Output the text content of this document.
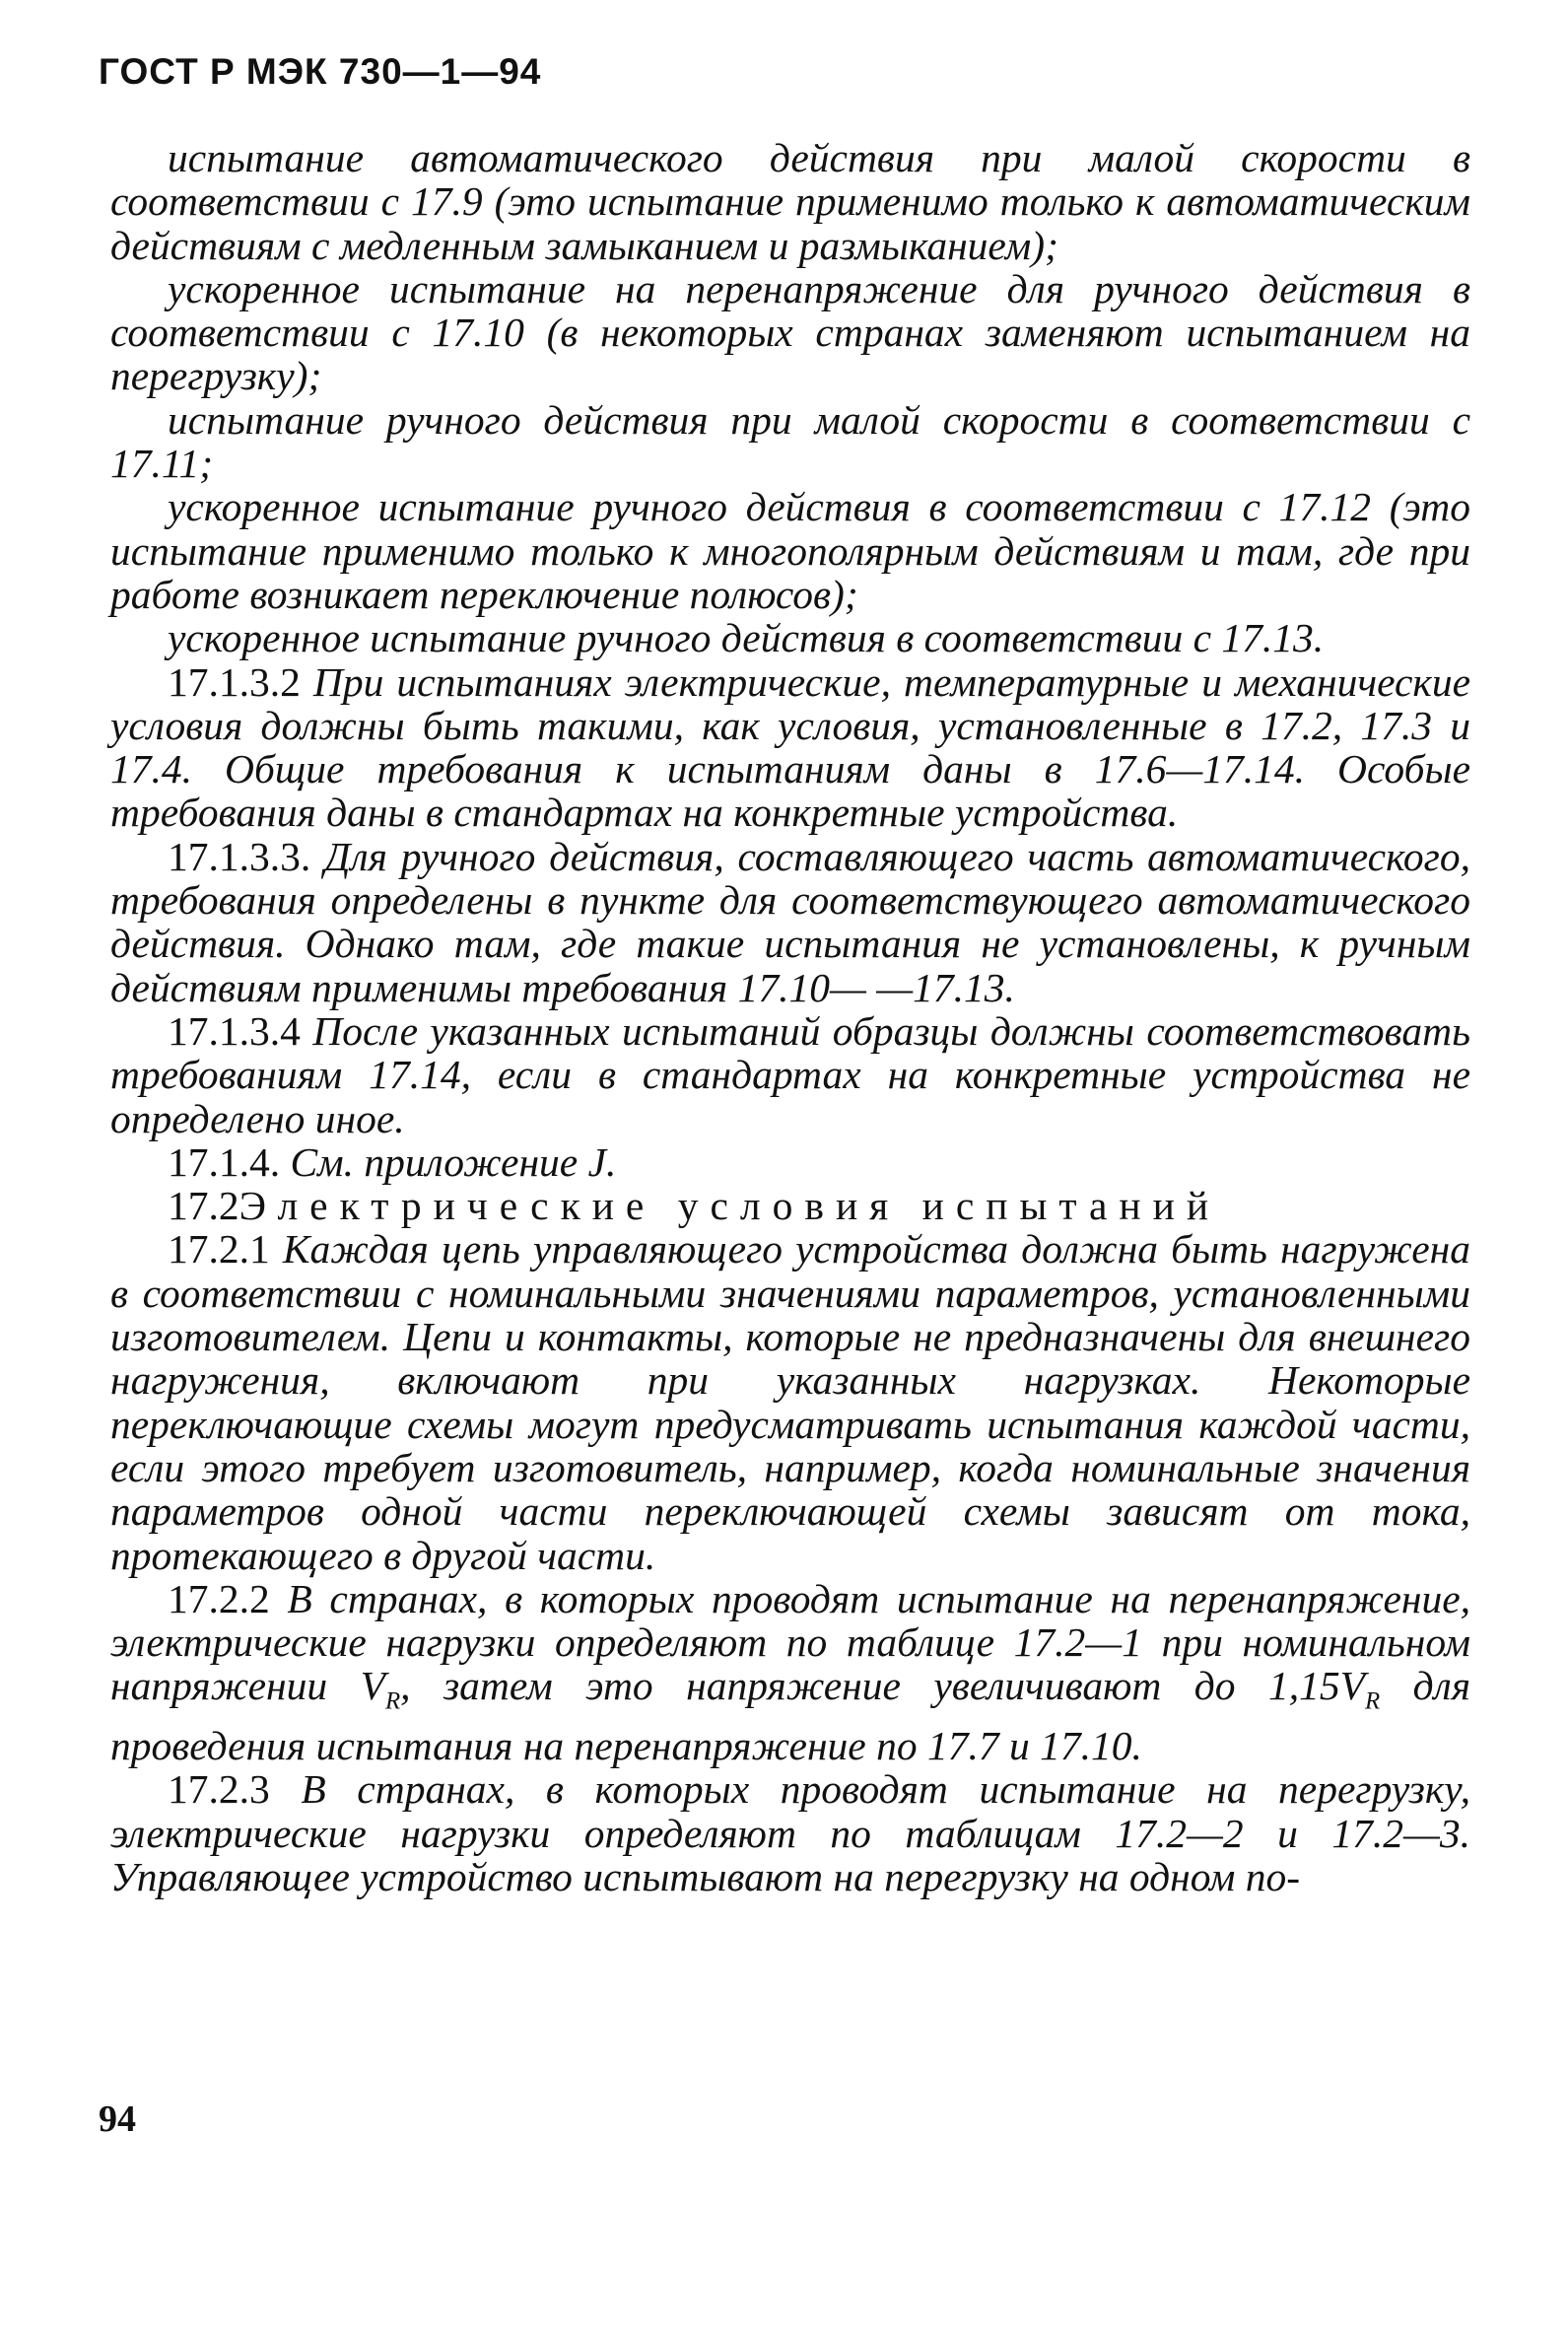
ГОСТ Р МЭК 730—1—94

испытание автоматического действия при малой скорости в соответствии с 17.9 (это испытание применимо только к автоматическим действиям с медленным замыканием и размыканием);

ускоренное испытание на перенапряжение для ручного действия в соответствии с 17.10 (в некоторых странах заменяют испытанием на перегрузку);

испытание ручного действия при малой скорости в соответствии с 17.11;

ускоренное испытание ручного действия в соответствии с 17.12 (это испытание применимо только к многополярным действиям и там, где при работе возникает переключение полюсов);

ускоренное испытание ручного действия в соответствии с 17.13.

17.1.3.2 При испытаниях электрические, температурные и механические условия должны быть такими, как условия, установленные в 17.2, 17.3 и 17.4. Общие требования к испытаниям даны в 17.6—17.14. Особые требования даны в стандартах на конкретные устройства.

17.1.3.3. Для ручного действия, составляющего часть автоматического, требования определены в пункте для соответствующего автоматического действия. Однако там, где такие испытания не установлены, к ручным действиям применимы требования 17.10— —17.13.

17.1.3.4 После указанных испытаний образцы должны соответствовать требованиям 17.14, если в стандартах на конкретные устройства не определено иное.

17.1.4. См. приложение J.

17.2Электрические условия испытаний

17.2.1 Каждая цепь управляющего устройства должна быть нагружена в соответствии с номинальными значениями параметров, установленными изготовителем. Цепи и контакты, которые не предназначены для внешнего нагружения, включают при указанных нагрузках. Некоторые переключающие схемы могут предусматривать испытания каждой части, если этого требует изготовитель, например, когда номинальные значения параметров одной части переключающей схемы зависят от тока, протекающего в другой части.

17.2.2 В странах, в которых проводят испытание на перенапряжение, электрические нагрузки определяют по таблице 17.2—1 при номинальном напряжении $V_R$, затем это напряжение увеличивают до $1,15V_R$ для проведения испытания на перенапряжение по 17.7 и 17.10.

17.2.3 В странах, в которых проводят испытание на перегрузку, электрические нагрузки определяют по таблицам 17.2—2 и 17.2—3. Управляющее устройство испытывают на перегрузку на одном по-

94
